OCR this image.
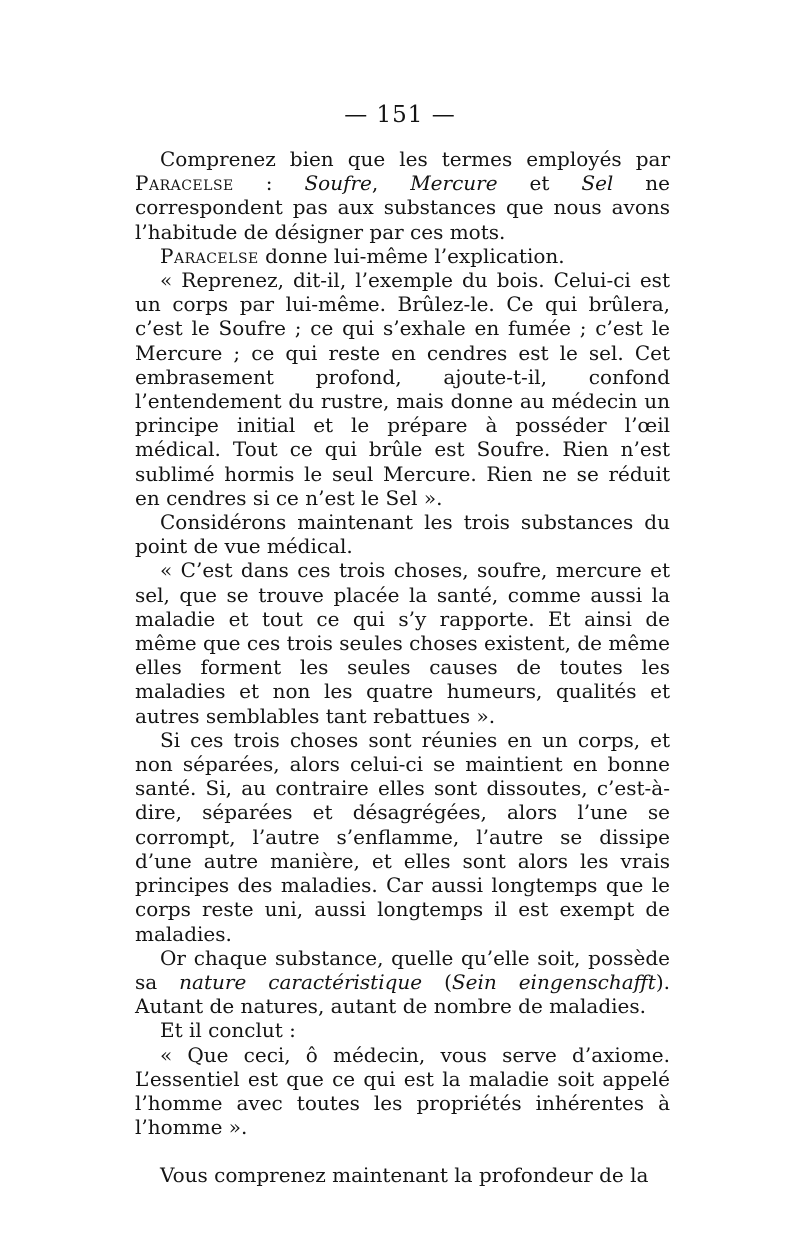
— 151 —

Comprenez bien que les termes employés par Paracelse : Soufre, Mercure et Sel ne correspondent pas aux substances que nous avons l’habitude de désigner par ces mots.

Paracelse donne lui-même l’explication.

« Reprenez, dit-il, l’exemple du bois. Celui-ci est un corps par lui-même. Brûlez-le. Ce qui brûlera, c’est le Soufre ; ce qui s’exhale en fumée ; c’est le Mercure ; ce qui reste en cendres est le sel. Cet embrasement profond, ajoute-t-il, confond l’entendement du rustre, mais donne au médecin un principe initial et le prépare à posséder l’œil médical. Tout ce qui brûle est Soufre. Rien n’est sublimé hormis le seul Mercure. Rien ne se réduit en cendres si ce n’est le Sel ».

Considérons maintenant les trois substances du point de vue médical.

« C’est dans ces trois choses, soufre, mercure et sel, que se trouve placée la santé, comme aussi la maladie et tout ce qui s’y rapporte. Et ainsi de même que ces trois seules choses existent, de même elles forment les seules causes de toutes les maladies et non les quatre humeurs, qualités et autres semblables tant rebattues ».

Si ces trois choses sont réunies en un corps, et non séparées, alors celui-ci se maintient en bonne santé. Si, au contraire elles sont dissoutes, c’est-à-dire, séparées et désagrégées, alors l’une se corrompt, l’autre s’enflamme, l’autre se dissipe d’une autre manière, et elles sont alors les vrais principes des maladies. Car aussi longtemps que le corps reste uni, aussi longtemps il est exempt de maladies.

Or chaque substance, quelle qu’elle soit, possède sa nature caractéristique (Sein eingenschafft). Autant de natures, autant de nombre de maladies.

Et il conclut :

« Que ceci, ô médecin, vous serve d’axiome. L’essentiel est que ce qui est la maladie soit appelé l’homme avec toutes les propriétés inhérentes à l’homme ».

Vous comprenez maintenant la profondeur de la
